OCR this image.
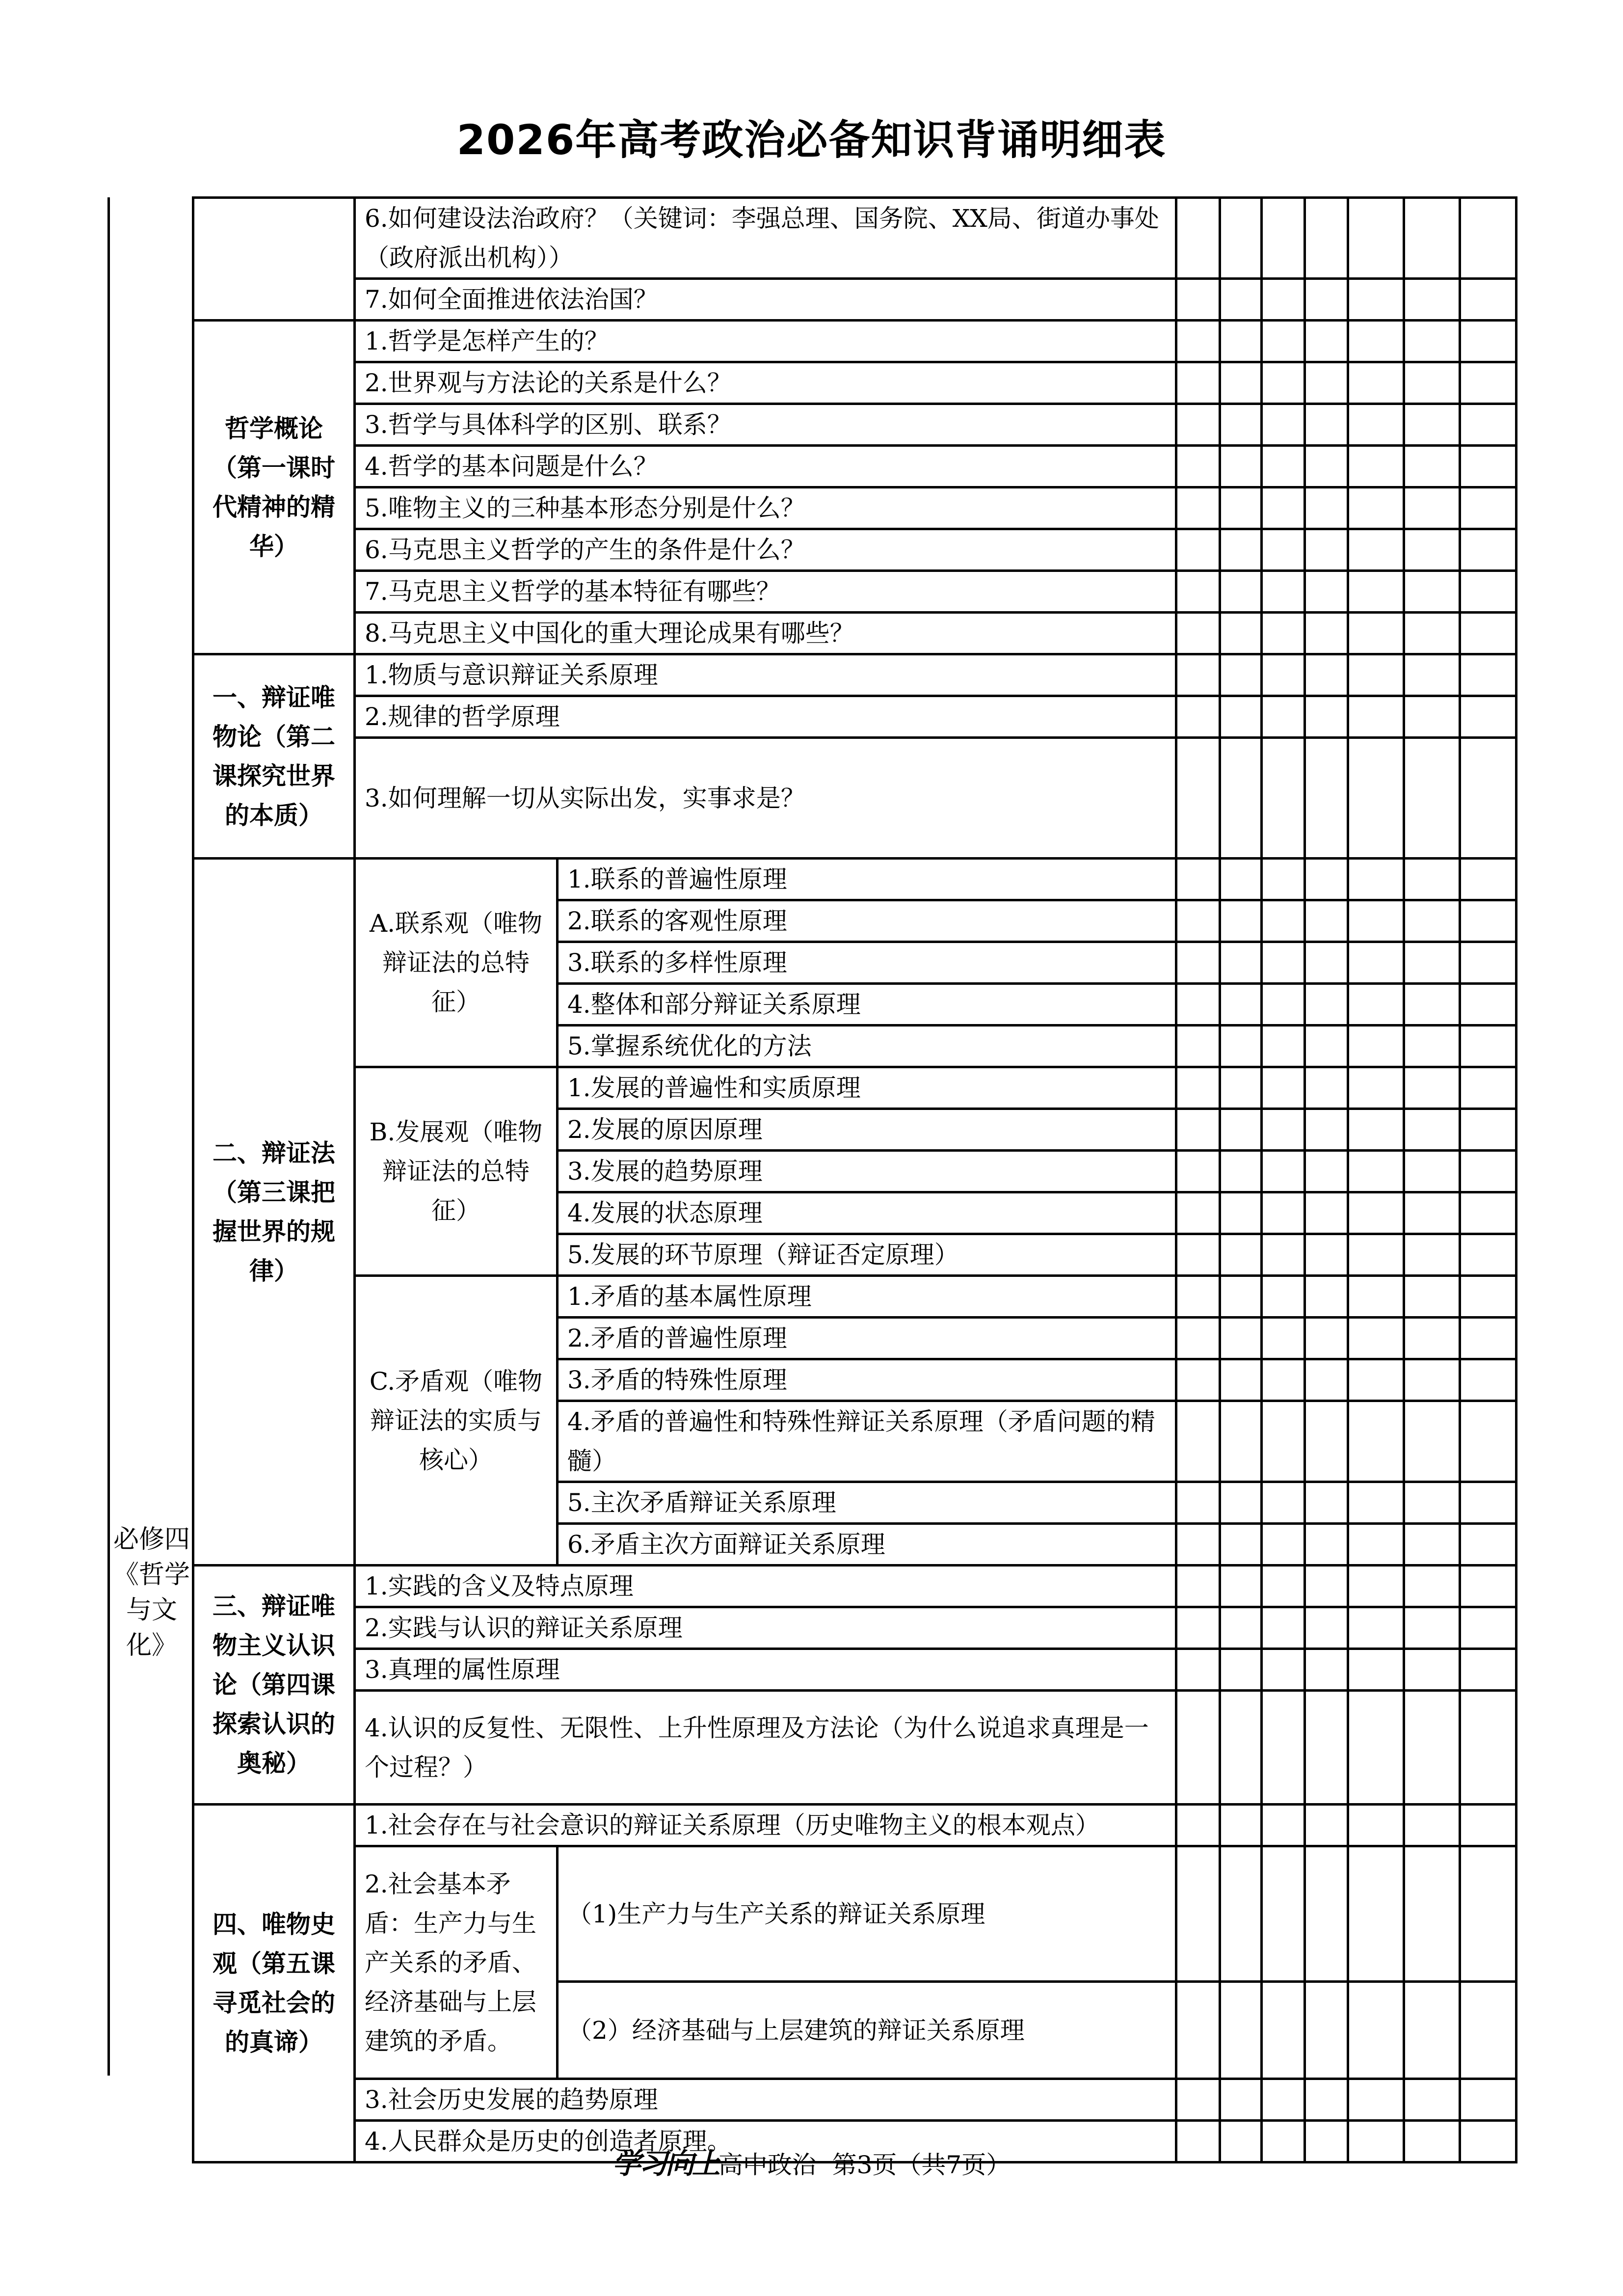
2026年高考政治必备知识背诵明细表
必修四《哲学与文化》
	6.如何建设法治政府？（关键词：李强总理、国务院、XX局、街道办事处（政府派出机构））								
	7.如何全面推进依法治国？								
哲学概论（第一课时代精神的精华）	1.哲学是怎样产生的？								
	2.世界观与方法论的关系是什么？								
	3.哲学与具体科学的区别、联系？								
	4.哲学的基本问题是什么？								
	5.唯物主义的三种基本形态分别是什么？								
	6.马克思主义哲学的产生的条件是什么？								
	7.马克思主义哲学的基本特征有哪些？								
	8.马克思主义中国化的重大理论成果有哪些？								
一、辩证唯物论（第二课探究世界的本质）	1.物质与意识辩证关系原理								
	2.规律的哲学原理								
	3.如何理解一切从实际出发，实事求是？								
二、辩证法（第三课把握世界的规律）	A.联系观（唯物辩证法的总特征）	1.联系的普遍性原理							
		2.联系的客观性原理							
		3.联系的多样性原理							
		4.整体和部分辩证关系原理							
		5.掌握系统优化的方法							
	B.发展观（唯物辩证法的总特征）	1.发展的普遍性和实质原理							
		2.发展的原因原理							
		3.发展的趋势原理							
		4.发展的状态原理							
		5.发展的环节原理（辩证否定原理）							
	C.矛盾观（唯物辩证法的实质与核心）	1.矛盾的基本属性原理							
		2.矛盾的普遍性原理							
		3.矛盾的特殊性原理							
		4.矛盾的普遍性和特殊性辩证关系原理（矛盾问题的精髓）							
		5.主次矛盾辩证关系原理							
		6.矛盾主次方面辩证关系原理							
三、辩证唯物主义认识论（第四课探索认识的奥秘）	1.实践的含义及特点原理								
	2.实践与认识的辩证关系原理								
	3.真理的属性原理								
	4.认识的反复性、无限性、上升性原理及方法论（为什么说追求真理是一个过程？）								
四、唯物史观（第五课寻觅社会的的真谛）	1.社会存在与社会意识的辩证关系原理（历史唯物主义的根本观点）								
	2.社会基本矛盾：生产力与生产关系的矛盾、经济基础与上层建筑的矛盾。	（1)生产力与生产关系的辩证关系原理							
		（2）经济基础与上层建筑的辩证关系原理							
	3.社会历史发展的趋势原理								
	4.人民群众是历史的创造者原理。								
学习向上高中政治 第3页（共7页）
